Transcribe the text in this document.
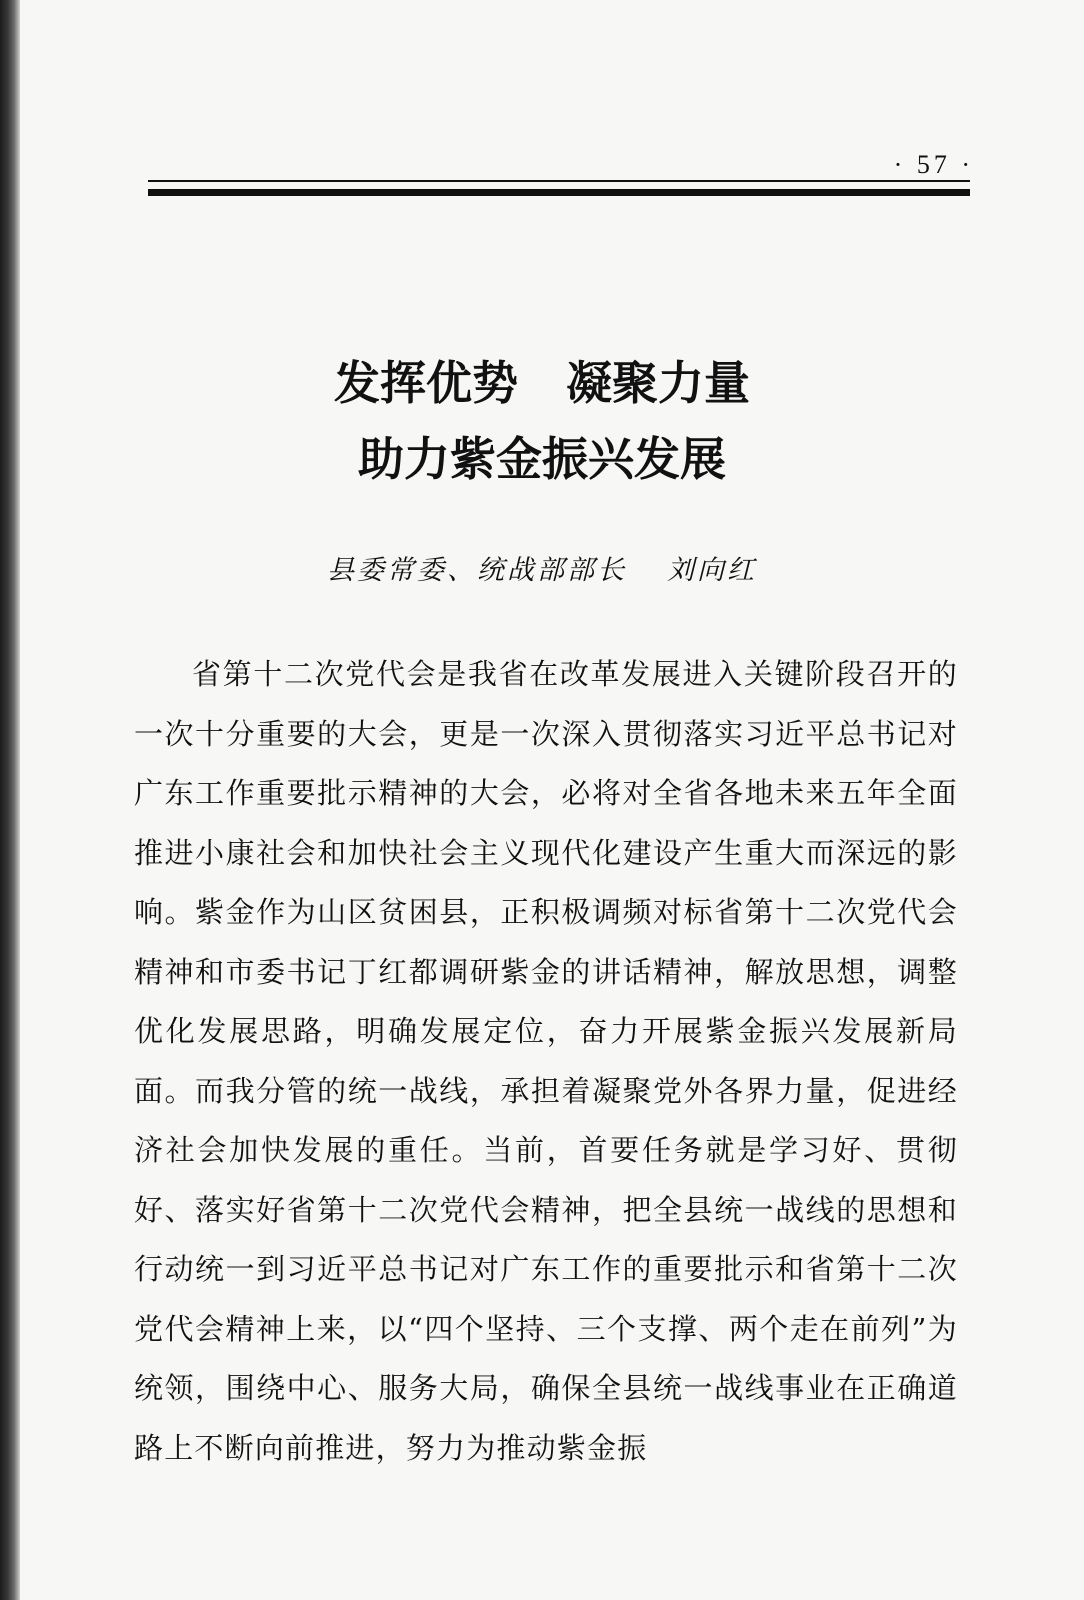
· 57 ·
发挥优势 凝聚力量
助力紫金振兴发展
县委常委、统战部部长 刘向红

省第十二次党代会是我省在改革发展进入关键阶段召开的一次十分重要的大会，更是一次深入贯彻落实习近平总书记对广东工作重要批示精神的大会，必将对全省各地未来五年全面推进小康社会和加快社会主义现代化建设产生重大而深远的影响。紫金作为山区贫困县，正积极调频对标省第十二次党代会精神和市委书记丁红都调研紫金的讲话精神，解放思想，调整优化发展思路，明确发展定位，奋力开展紫金振兴发展新局面。而我分管的统一战线，承担着凝聚党外各界力量，促进经济社会加快发展的重任。当前，首要任务就是学习好、贯彻好、落实好省第十二次党代会精神，把全县统一战线的思想和行动统一到习近平总书记对广东工作的重要批示和省第十二次党代会精神上来，以“四个坚持、三个支撑、两个走在前列”为统领，围绕中心、服务大局，确保全县统一战线事业在正确道路上不断向前推进，努力为推动紫金振
